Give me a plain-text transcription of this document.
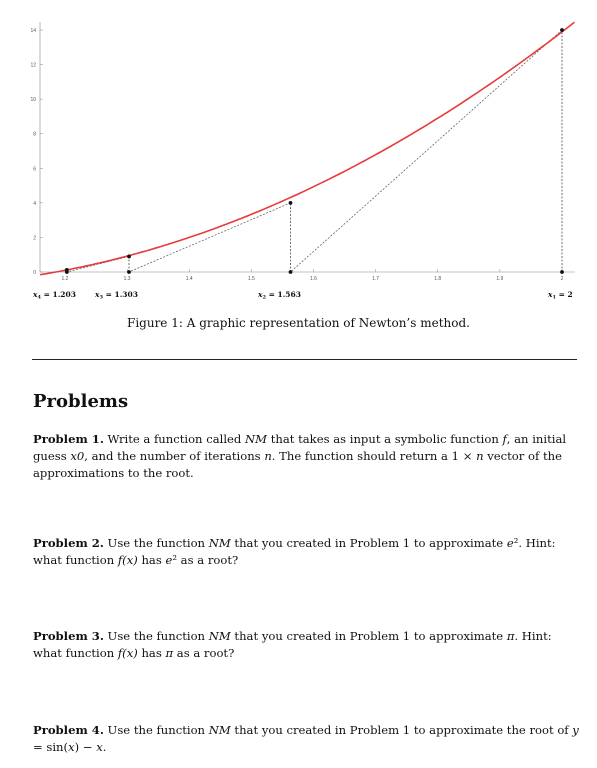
1.2	1.3	1.4	1.5	1.6	1.7	1.8	1.9	2
0
2
4
6
8
10
12
14
$x_4 = 1.203$	$x_3 = 1.303$	$x_2 = 1.563$	$x_1 = 2$
Figure 1: A graphic representation of Newton’s method.
Problems
Problem 1. Write a function called NM that takes as input a symbolic function f, an initial guess x0, and the number of iterations n. The function should return a 1 × n vector of the approximations to the root.
Problem 2. Use the function NM that you created in Problem 1 to approximate e². Hint: what function f(x) has e² as a root?
Problem 3. Use the function NM that you created in Problem 1 to approximate π. Hint: what function f(x) has π as a root?
Problem 4. Use the function NM that you created in Problem 1 to approximate the root of y = sin(x) − x.
